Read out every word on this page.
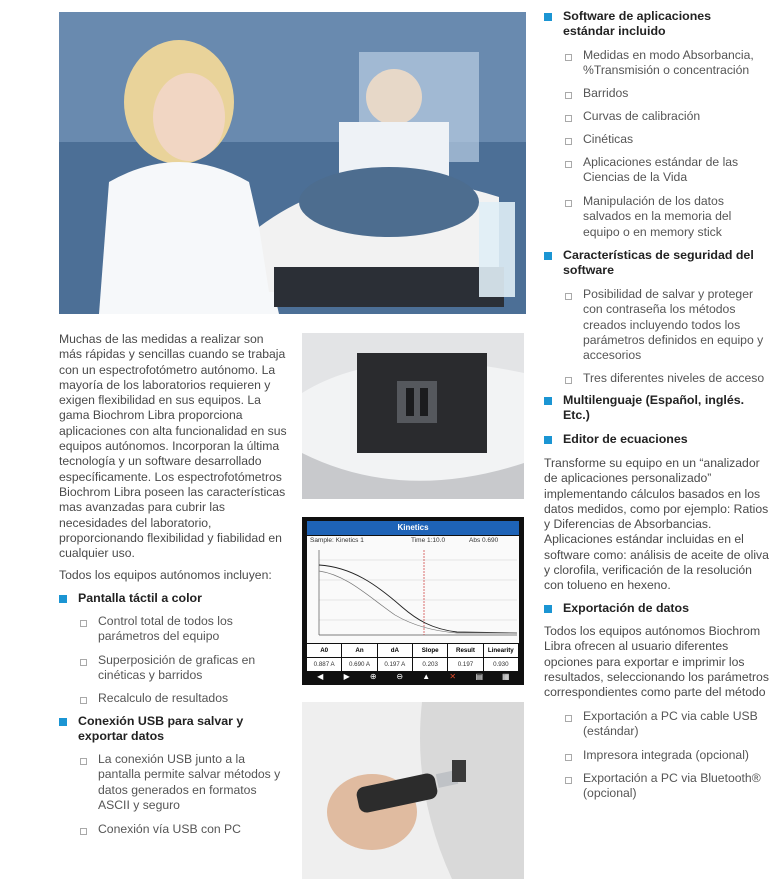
Kinetics
Sample: Kinetics 1	Time 1:10.0	Abs 0.690
A0	An	dA	Slope	Result	Linearity
0.887 A	0.690 A	0.197 A	0.203	0.197	0.930
◀	▶	⊕ ⊖ ▲ ✕ ▤ ▦
Muchas de las medidas a realizar son más rápidas y sencillas cuando se trabaja con un espectrofotómetro autónomo. La mayoría de los laboratorios requieren y exigen flexibilidad en sus equipos. La gama Biochrom Libra proporciona aplicaciones con alta funcionalidad en sus equipos autónomos. Incorporan la última tecnología y un software desarrollado específicamente. Los espectrofotómetros Biochrom Libra poseen las características mas avanzadas para cubrir las necesidades del laboratorio, proporcionando flexibilidad y fiabilidad en cualquier uso.
Todos los equipos autónomos incluyen:
Pantalla táctil a color
Control total de todos los parámetros del equipo
Superposición de graficas en cinéticas y barridos
Recalculo de resultados
Conexión USB para salvar y exportar datos
La conexión USB junto a la pantalla permite salvar métodos y datos generados en formatos ASCII y seguro
Conexión vía USB con PC
Software de aplicaciones estándar incluido
Medidas en modo Absorbancia, %Transmisión o concentración
Barridos
Curvas de calibración
Cinéticas
Aplicaciones estándar de las Ciencias de la Vida
Manipulación de los datos salvados en la memoria del equipo o en memory stick
Características de seguridad del software
Posibilidad de salvar y proteger con contraseña los métodos creados incluyendo todos los parámetros definidos en equipo y accesorios
Tres diferentes niveles de acceso
Multilenguaje (Español, inglés. Etc.)
Editor de ecuaciones
Transforme su equipo en un “analizador de aplicaciones personalizado” implementando cálculos basados en los datos medidos, como por ejemplo: Ratios y Diferencias de Absorbancias. Aplicaciones estándar incluidas en el software como: análisis de aceite de oliva y clorofila, verificación de la resolución con tolueno en hexeno.
Exportación de datos
Todos los equipos autónomos Biochrom Libra ofrecen al usuario diferentes opciones para exportar e imprimir los resultados, seleccionando los parámetros correspondientes como parte del método
Exportación a PC via cable USB (estándar)
Impresora integrada (opcional)
Exportación a PC via Bluetooth® (opcional)
